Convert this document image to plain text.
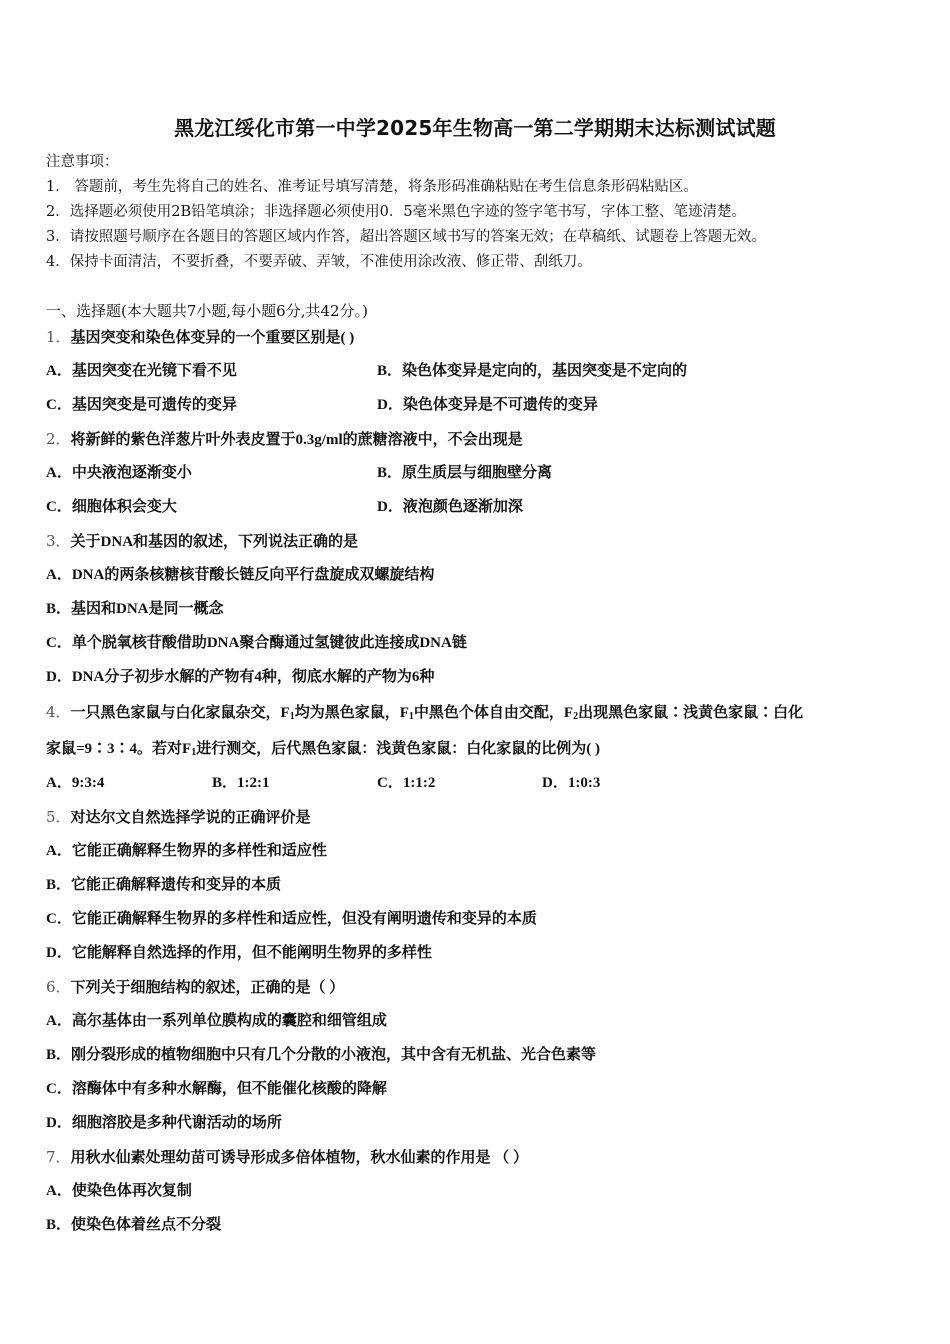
黑龙江绥化市第一中学2025年生物高一第二学期期末达标测试试题
注意事项：
1． 答题前，考生先将自己的姓名、准考证号填写清楚，将条形码准确粘贴在考生信息条形码粘贴区。
2．选择题必须使用2B铅笔填涂；非选择题必须使用0．5毫米黑色字迹的签字笔书写，字体工整、笔迹清楚。
3．请按照题号顺序在各题目的答题区域内作答，超出答题区域书写的答案无效；在草稿纸、试题卷上答题无效。
4．保持卡面清洁，不要折叠，不要弄破、弄皱，不准使用涂改液、修正带、刮纸刀。
一、选择题(本大题共7小题,每小题6分,共42分。)
1．基因突变和染色体变异的一个重要区别是( )
A．基因突变在光镜下看不见	B．染色体变异是定向的，基因突变是不定向的
C．基因突变是可遗传的变异	D．染色体变异是不可遗传的变异
2．将新鲜的紫色洋葱片叶外表皮置于0.3g/ml的蔗糖溶液中，不会出现是
A．中央液泡逐渐变小	B．原生质层与细胞壁分离
C．细胞体积会变大	D．液泡颜色逐渐加深
3．关于DNA和基因的叙述，下列说法正确的是
A．DNA的两条核糖核苷酸长链反向平行盘旋成双螺旋结构
B．基因和DNA是同一概念
C．单个脱氧核苷酸借助DNA聚合酶通过氢键彼此连接成DNA链
D．DNA分子初步水解的产物有4种，彻底水解的产物为6种
4．一只黑色家鼠与白化家鼠杂交，$F_1$均为黑色家鼠，$F_1$中黑色个体自由交配，$F_2$出现黑色家鼠∶浅黄色家鼠∶白化
家鼠=9∶3∶4。若对$F_1$进行测交，后代黑色家鼠：浅黄色家鼠：白化家鼠的比例为( )
A．9:3:4	B．1:2:1	C．1:1:2	D．1:0:3
5．对达尔文自然选择学说的正确评价是
A．它能正确解释生物界的多样性和适应性
B．它能正确解释遗传和变异的本质
C．它能正确解释生物界的多样性和适应性，但没有阐明遗传和变异的本质
D．它能解释自然选择的作用，但不能阐明生物界的多样性
6．下列关于细胞结构的叙述，正确的是（ ）
A．高尔基体由一系列单位膜构成的囊腔和细管组成
B．刚分裂形成的植物细胞中只有几个分散的小液泡，其中含有无机盐、光合色素等
C．溶酶体中有多种水解酶，但不能催化核酸的降解
D．细胞溶胶是多种代谢活动的场所
7．用秋水仙素处理幼苗可诱导形成多倍体植物，秋水仙素的作用是 （ ）
A．使染色体再次复制
B．使染色体着丝点不分裂
